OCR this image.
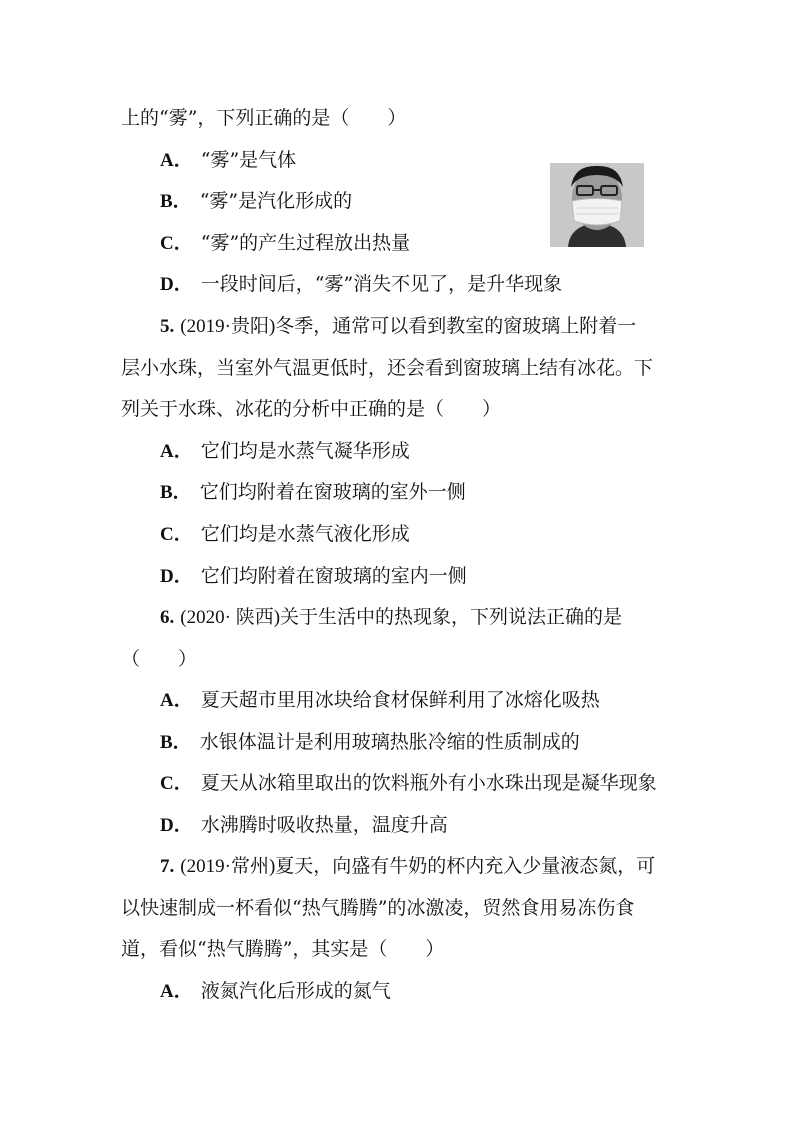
上的“雾”，下列正确的是（　　）
A． “雾”是气体
B． “雾”是汽化形成的
C． “雾”的产生过程放出热量
D． 一段时间后，“雾”消失不见了，是升华现象
5. (2019·贵阳)冬季，通常可以看到教室的窗玻璃上附着一
层小水珠，当室外气温更低时，还会看到窗玻璃上结有冰花。下
列关于水珠、冰花的分析中正确的是（　　）
A． 它们均是水蒸气凝华形成
B． 它们均附着在窗玻璃的室外一侧
C． 它们均是水蒸气液化形成
D． 它们均附着在窗玻璃的室内一侧
6. (2020· 陕西)关于生活中的热现象，下列说法正确的是
（　　）
A． 夏天超市里用冰块给食材保鲜利用了冰熔化吸热
B． 水银体温计是利用玻璃热胀冷缩的性质制成的
C． 夏天从冰箱里取出的饮料瓶外有小水珠出现是凝华现象
D． 水沸腾时吸收热量，温度升高
7. (2019·常州)夏天，向盛有牛奶的杯内充入少量液态氮，可
以快速制成一杯看似“热气腾腾”的冰激凌，贸然食用易冻伤食
道，看似“热气腾腾”，其实是（　　）
A． 液氮汽化后形成的氮气
